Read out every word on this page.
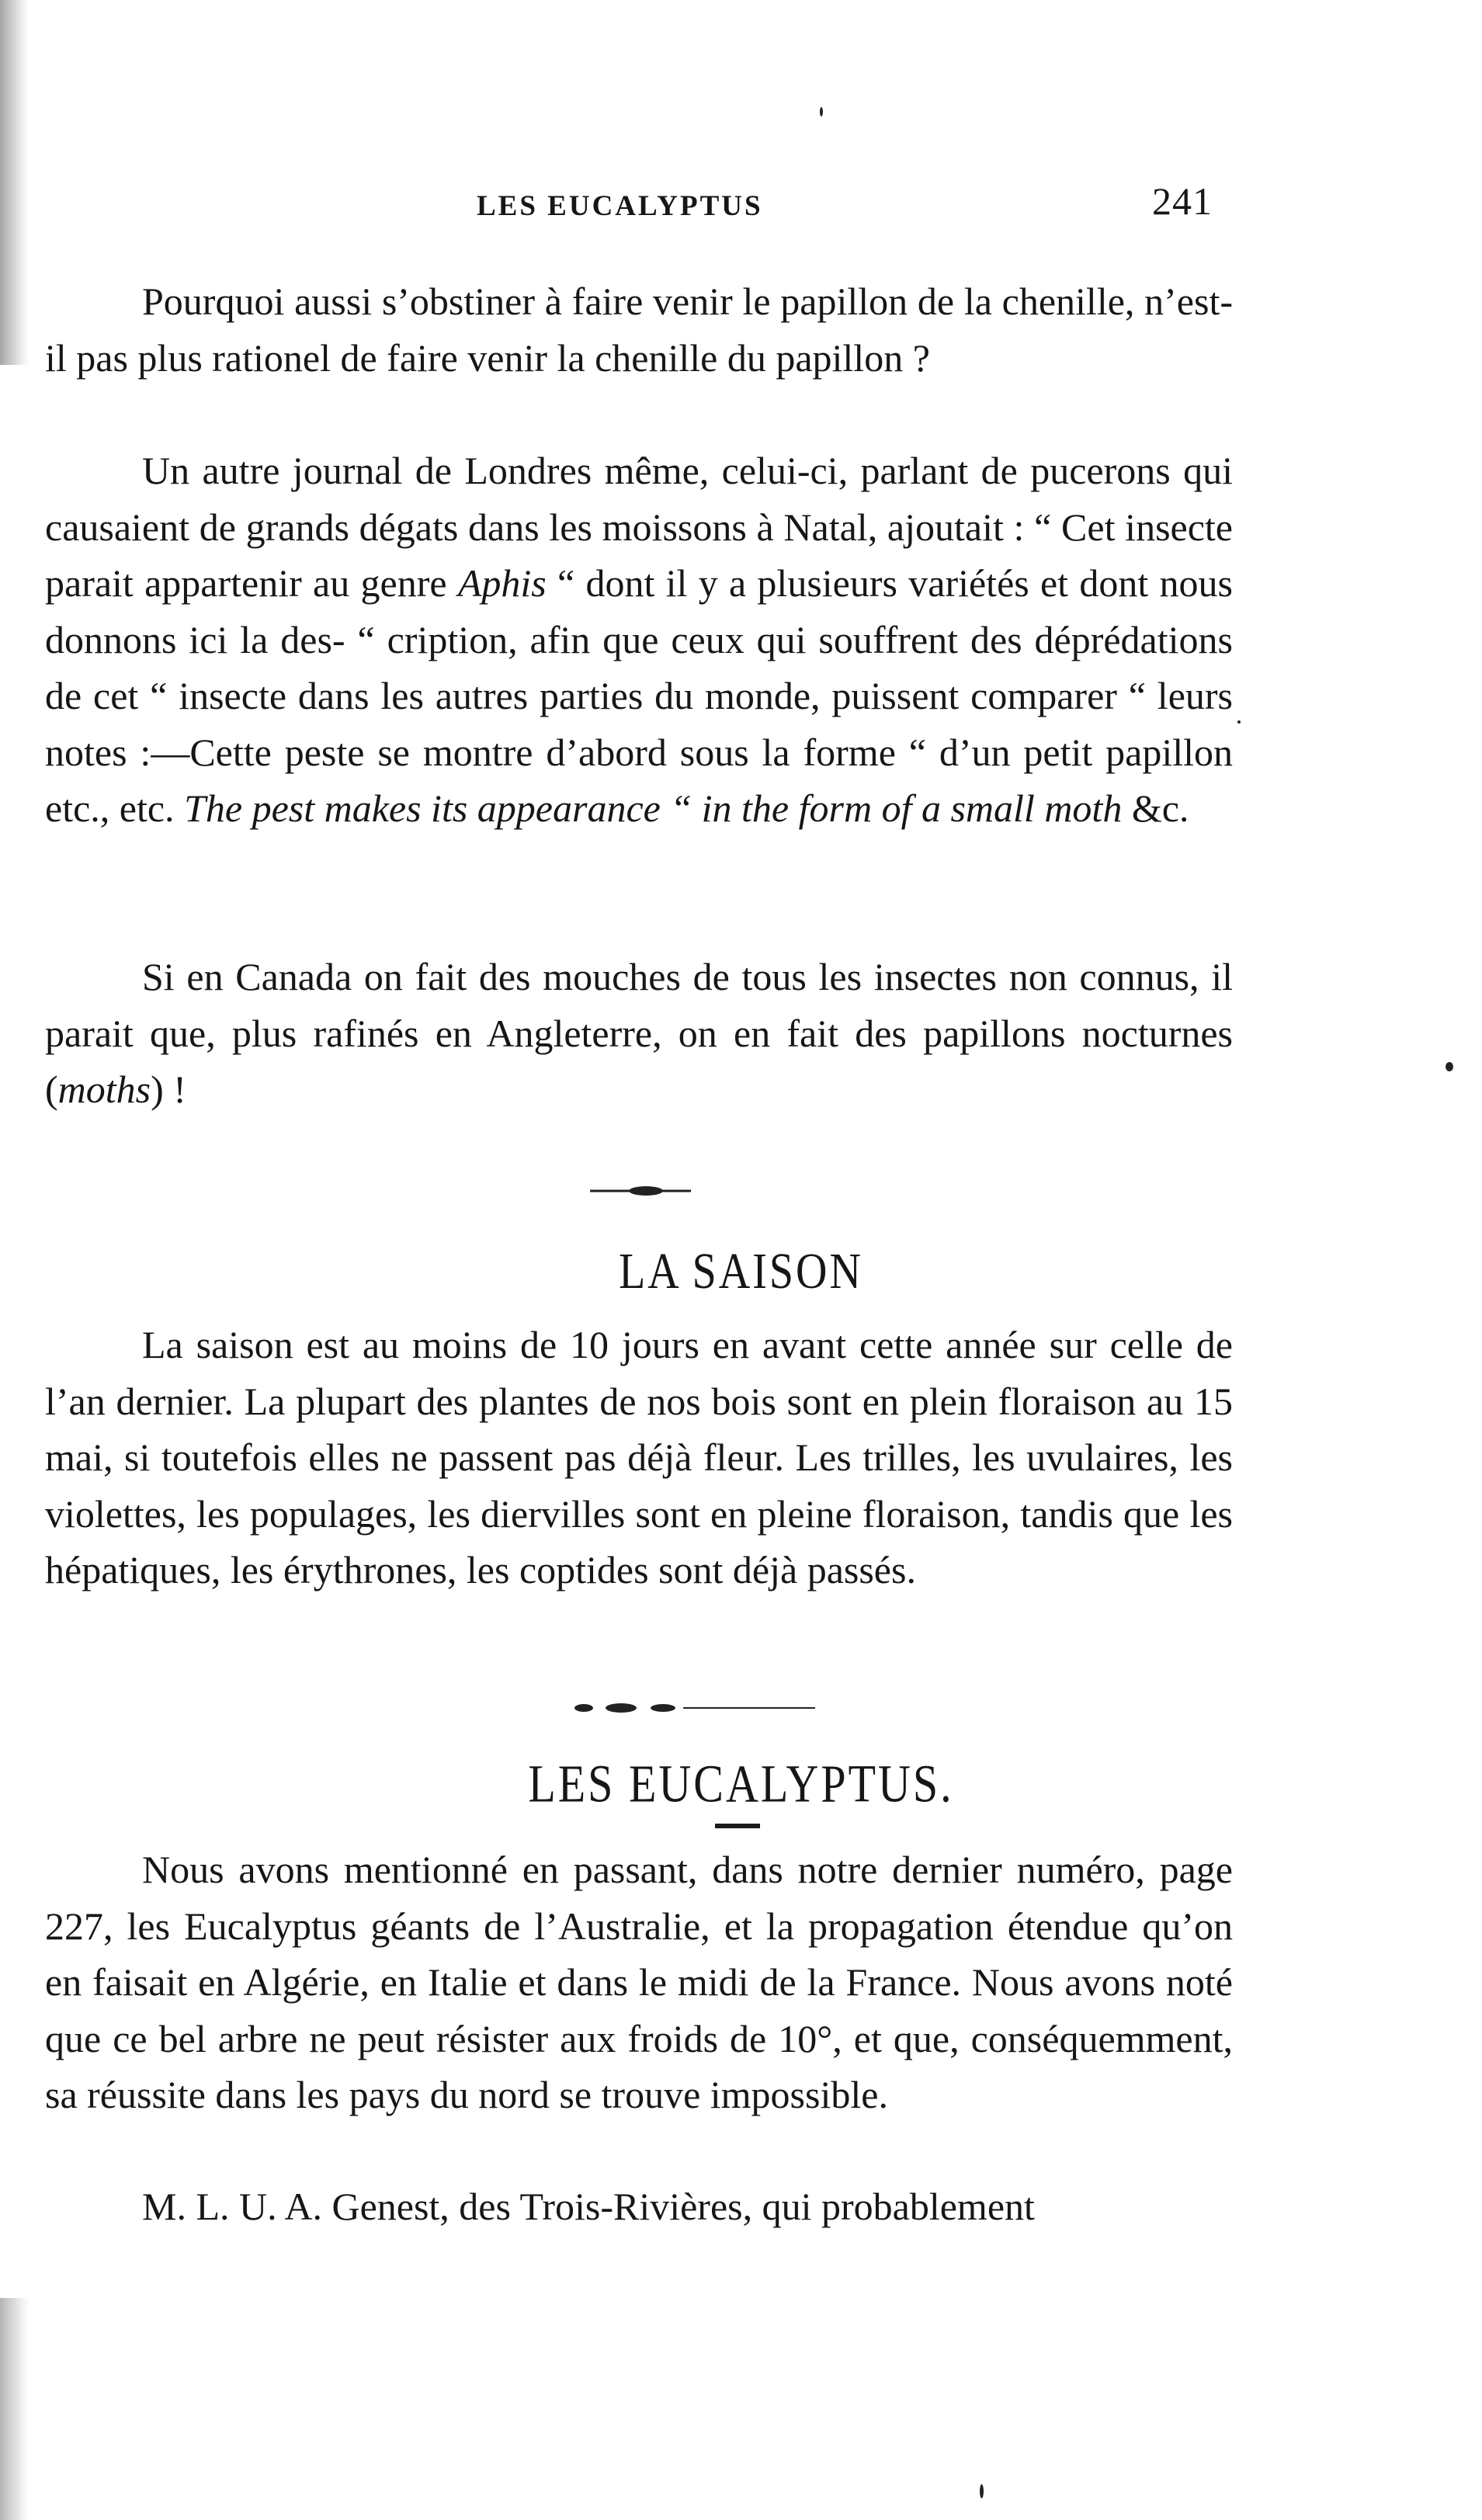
LES EUCALYPTUS	241

Pourquoi aussi s’obstiner à faire venir le papillon de la chenille, n’est-il pas plus rationel de faire venir la chenille du papillon ?

Un autre journal de Londres même, celui-ci, parlant de pucerons qui causaient de grands dégats dans les moissons à Natal, ajoutait : “ Cet insecte parait appartenir au genre Aphis “ dont il y a plusieurs variétés et dont nous donnons ici la des- “ cription, afin que ceux qui souffrent des déprédations de cet “ insecte dans les autres parties du monde, puissent comparer “ leurs notes :—Cette peste se montre d’abord sous la forme “ d’un petit papillon etc., etc. The pest makes its appearance “ in the form of a small moth &c.

Si en Canada on fait des mouches de tous les insectes non connus, il parait que, plus rafinés en Angleterre, on en fait des papillons nocturnes (moths) !

LA SAISON

La saison est au moins de 10 jours en avant cette année sur celle de l’an dernier. La plupart des plantes de nos bois sont en plein floraison au 15 mai, si toutefois elles ne passent pas déjà fleur. Les trilles, les uvulaires, les violettes, les populages, les diervilles sont en pleine floraison, tandis que les hépatiques, les érythrones, les coptides sont déjà passés.

LES EUCALYPTUS.

Nous avons mentionné en passant, dans notre dernier numéro, page 227, les Eucalyptus géants de l’Australie, et la propagation étendue qu’on en faisait en Algérie, en Italie et dans le midi de la France. Nous avons noté que ce bel arbre ne peut résister aux froids de 10°, et que, conséquemment, sa réussite dans les pays du nord se trouve impossible.

M. L. U. A. Genest, des Trois-Rivières, qui probablement
